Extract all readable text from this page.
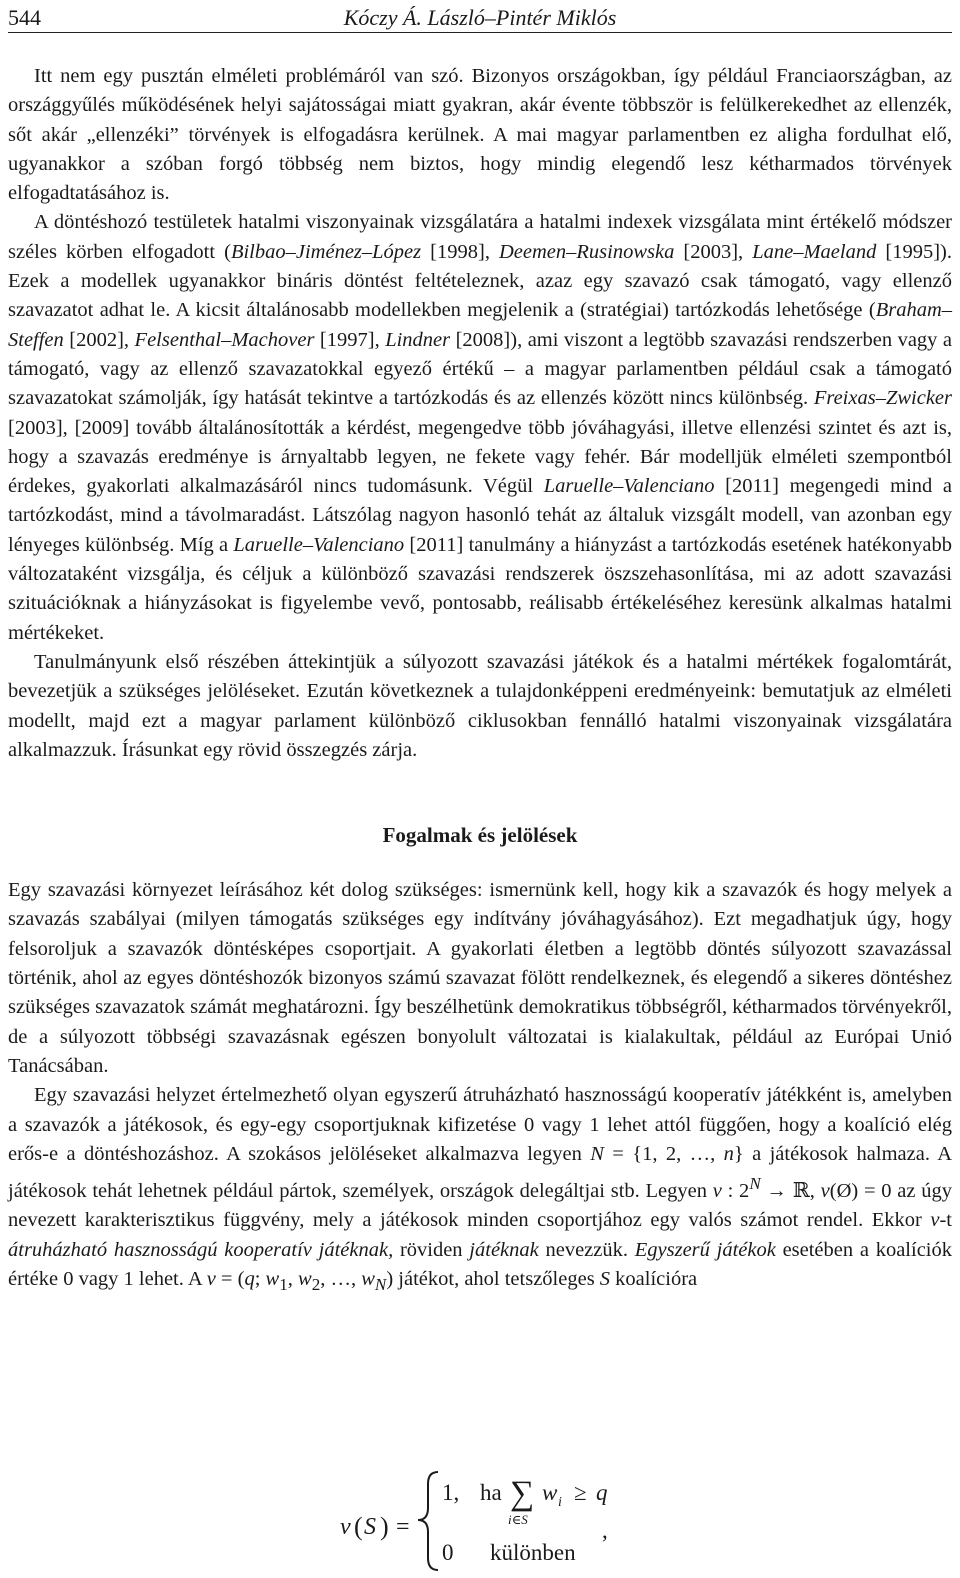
544	Kóczy Á. László–Pintér Miklós

Itt nem egy pusztán elméleti problémáról van szó. Bizonyos országokban, így például Franciaországban, az országgyűlés működésének helyi sajátosságai miatt gyakran, akár évente többször is felülkerekedhet az ellenzék, sőt akár „ellenzéki” törvények is elfogadásra kerülnek. A mai magyar parlamentben ez aligha fordulhat elő, ugyanakkor a szóban forgó többség nem biztos, hogy mindig elegendő lesz kétharmados törvények elfogadtatásához is.

A döntéshozó testületek hatalmi viszonyainak vizsgálatára a hatalmi indexek vizsgálata mint értékelő módszer széles körben elfogadott (Bilbao–Jiménez–López [1998], Deemen–Rusinowska [2003], Lane–Maeland [1995]). Ezek a modellek ugyanakkor bináris döntést feltételeznek, azaz egy szavazó csak támogató, vagy ellenző szavazatot adhat le. A kicsit általánosabb modellekben megjelenik a (stratégiai) tartózkodás lehetősége (Braham–Steffen [2002], Felsenthal–Machover [1997], Lindner [2008]), ami viszont a legtöbb szavazási rendszerben vagy a támogató, vagy az ellenző szavazatokkal egyező értékű – a magyar parlamentben például csak a támogató szavazatokat számolják, így hatását tekintve a tartózkodás és az ellenzés között nincs különbség. Freixas–Zwicker [2003], [2009] tovább általánosították a kérdést, megengedve több jóváhagyási, illetve ellenzési szintet és azt is, hogy a szavazás eredménye is árnyaltabb legyen, ne fekete vagy fehér. Bár modelljük elméleti szempontból érdekes, gyakorlati alkalmazásáról nincs tudomásunk. Végül Laruelle–Valenciano [2011] megengedi mind a tartózkodást, mind a távolmaradást. Látszólag nagyon hasonló tehát az általuk vizsgált modell, van azonban egy lényeges különbség. Míg a Laruelle–Valenciano [2011] tanulmány a hiányzást a tartózkodás esetének hatékonyabb változataként vizsgálja, és céljuk a különböző szavazási rendszerek öszszehasonlítása, mi az adott szavazási szituációknak a hiányzásokat is figyelembe vevő, pontosabb, reálisabb értékeléséhez keresünk alkalmas hatalmi mértékeket.

Tanulmányunk első részében áttekintjük a súlyozott szavazási játékok és a hatalmi mértékek fogalomtárát, bevezetjük a szükséges jelöléseket. Ezután következnek a tulajdonképpeni eredményeink: bemutatjuk az elméleti modellt, majd ezt a magyar parlament különböző ciklusokban fennálló hatalmi viszonyainak vizsgálatára alkalmazzuk. Írásunkat egy rövid összegzés zárja.

Fogalmak és jelölések

Egy szavazási környezet leírásához két dolog szükséges: ismernünk kell, hogy kik a szavazók és hogy melyek a szavazás szabályai (milyen támogatás szükséges egy indítvány jóváhagyásához). Ezt megadhatjuk úgy, hogy felsoroljuk a szavazók döntésképes csoportjait. A gyakorlati életben a legtöbb döntés súlyozott szavazással történik, ahol az egyes döntéshozók bizonyos számú szavazat fölött rendelkeznek, és elegendő a sikeres döntéshez szükséges szavazatok számát meghatározni. Így beszélhetünk demokratikus többségről, kétharmados törvényekről, de a súlyozott többségi szavazásnak egészen bonyolult változatai is kialakultak, például az Európai Unió Tanácsában.

Egy szavazási helyzet értelmezhető olyan egyszerű átruházható hasznosságú kooperatív játékként is, amelyben a szavazók a játékosok, és egy-egy csoportjuknak kifizetése 0 vagy 1 lehet attól függően, hogy a koalíció elég erős-e a döntéshozáshoz. A szokásos jelöléseket alkalmazva legyen N = {1, 2, …, n} a játékosok halmaza. A játékosok tehát lehetnek például pártok, személyek, országok delegáltjai stb. Legyen v : $2^N$ → ℝ, v(Ø) = 0 az úgy nevezett karakterisztikus függvény, mely a játékosok minden csoportjához egy valós számot rendel. Ekkor v-t átruházható hasznosságú kooperatív játéknak, röviden játéknak nevezzük. Egyszerű játékok esetében a koalíciók értéke 0 vagy 1 lehet. A v = (q; $w_1$, $w_2$, …, $w_N$) játékot, ahol tetszőleges S koalícióra

v ( S ) =
1, ha ∑
i∈S
w i ≥ q
,
0 különben
